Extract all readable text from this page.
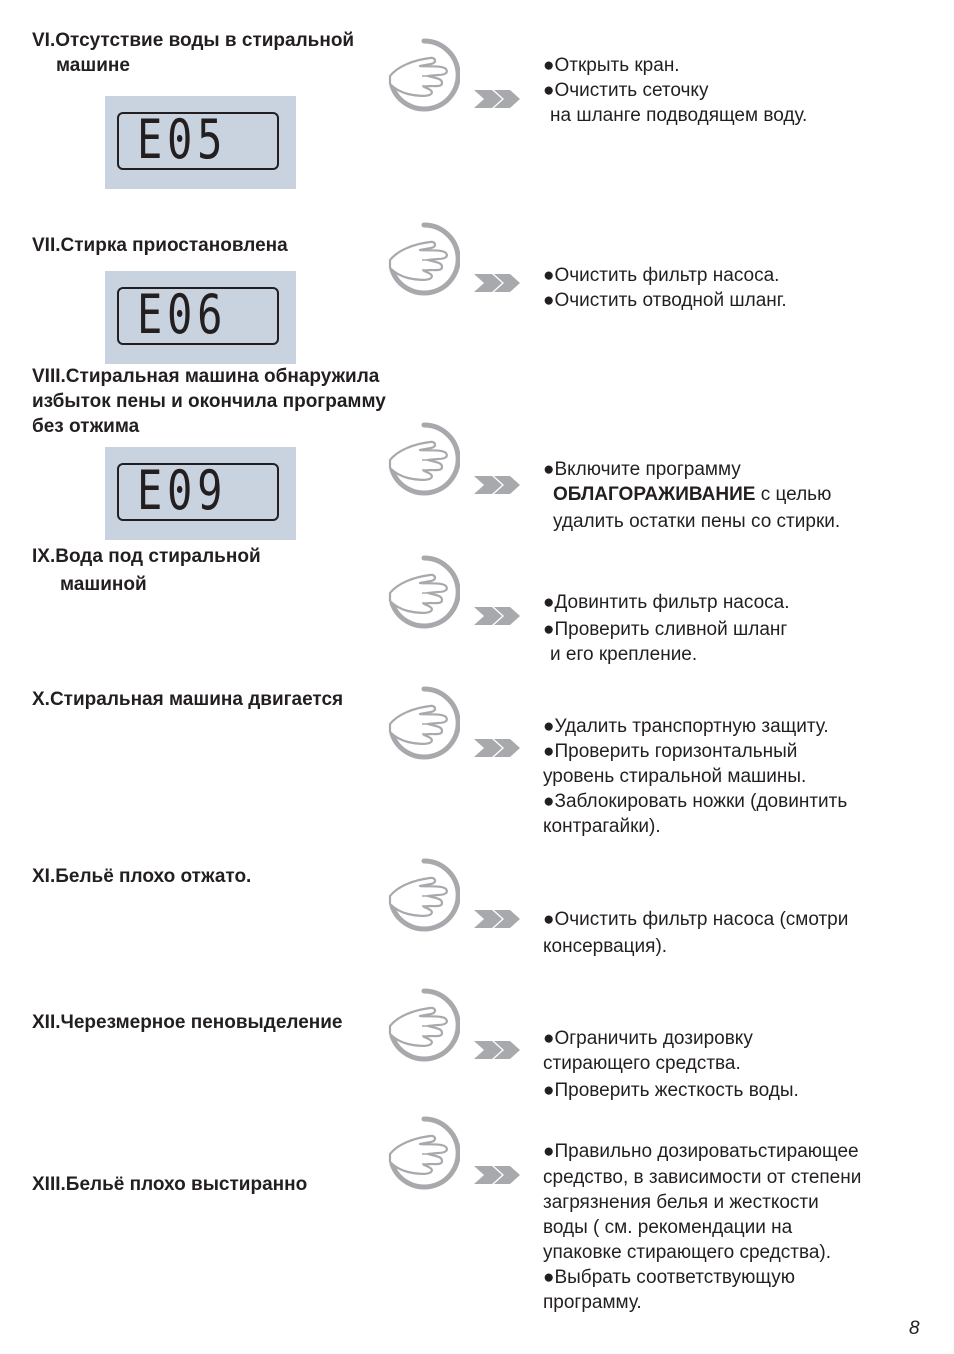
VI.Отсутствие воды в стиральной
машине
E05
●Открыть кран.
●Очистить сеточку
на шланге подводящем воду.
VII.Стирка приостановлена
E06
●Очистить фильтр насоса.
●Очистить отводной шланг.
VIII.Стиральная машина обнаружила
избыток пены и окончила программу
без отжима
E09	●Включите программу
ОБЛАГОРАЖИВАНИЕ с целью
удалить остатки пены со стирки.
IX.Вода под стиральной
машиной
●Довинтить фильтр насоса.
●Проверить сливной шланг
и его крепление.
X.Стиральная машина двигается
●Удалить транспортную защиту.
●Проверить горизонтальный
уровень стиральной машины.
●Заблокировать ножки (довинтить
контрагайки).
XI.Бельё плохо отжато.
●Очистить фильтр насоса (смотри
консервация).
XII.Черезмерное пеновыделение
●Ограничить дозировку
стирающего средства.
●Проверить жесткость воды.
XIII.Бельё плохо выстиранно
●Правильно дозироватьстирающее
средство, в зависимости от степени
загрязнения белья и жесткости
воды ( см. рекомендации на
упаковке стирающего средства).
●Выбрать соответствующую
программу.
8
